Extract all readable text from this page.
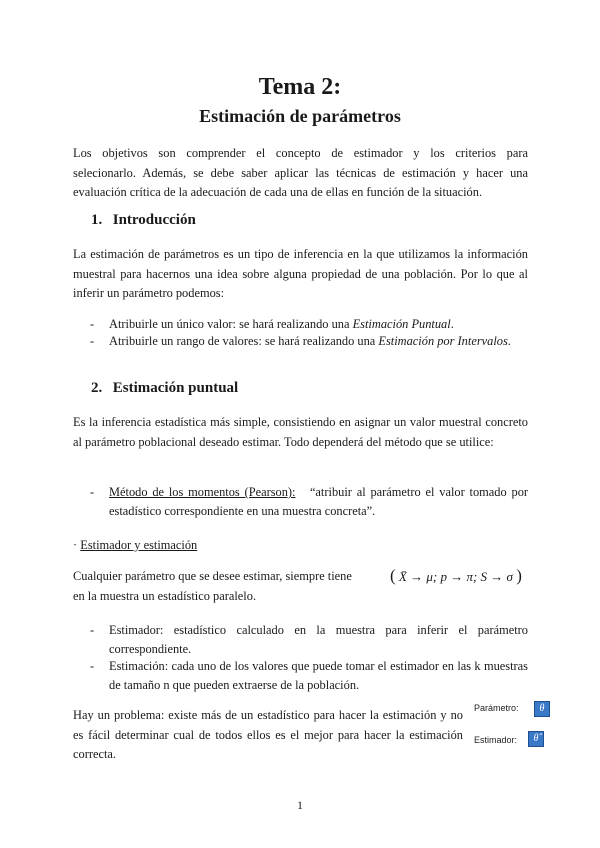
Tema 2:
Estimación de parámetros
Los objetivos son comprender el concepto de estimador y los criterios para
selecionarlo. Además, se debe saber aplicar las técnicas de estimación y hacer una
evaluación crítica de la adecuación de cada una de ellas en función de la situación.
1. Introducción
La estimación de parámetros es un tipo de inferencia en la que utilizamos la información muestral para hacernos una idea sobre alguna propiedad de una población. Por lo que al inferir un parámetro podemos:
- Atribuirle un único valor: se hará realizando una Estimación Puntual.
- Atribuirle un rango de valores: se hará realizando una Estimación por Intervalos.
2. Estimación puntual
Es la inferencia estadística más simple, consistiendo en asignar un valor muestral concreto al parámetro poblacional deseado estimar. Todo dependerá del método que se utilice:
- Método de los momentos (Pearson): “atribuir al parámetro el valor tomado por estadístico correspondiente en una muestra concreta”.
· Estimador y estimación
Cualquier parámetro que se desee estimar, siempre tiene
en la muestra un estadístico paralelo.
( X̄ → μ; p → π; S → σ )
- Estimador: estadístico calculado en la muestra para inferir el parámetro correspondiente.
- Estimación: cada uno de los valores que puede tomar el estimador en las k muestras de tamaño n que pueden extraerse de la población.
Hay un problema: existe más de un estadístico para hacer la estimación y no es fácil determinar cual de todos ellos es el mejor para hacer la estimación correcta.
Parámetro:	θ
Estimador:	θ̂
1
